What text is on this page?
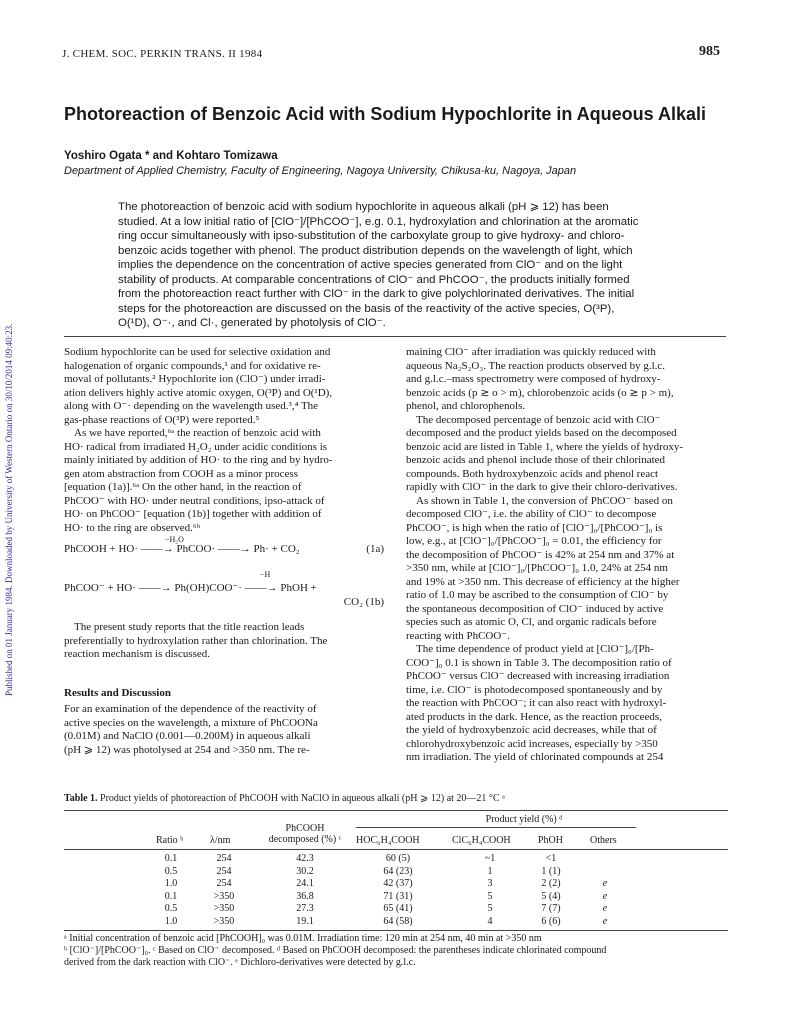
J. CHEM. SOC. PERKIN TRANS. II 1984	985
Published on 01 January 1984. Downloaded by University of Western Ontario on 30/10/2014 09:40:23.
Photoreaction of Benzoic Acid with Sodium Hypochlorite in Aqueous Alkali
Yoshiro Ogata * and Kohtaro Tomizawa
Department of Applied Chemistry, Faculty of Engineering, Nagoya University, Chikusa-ku, Nagoya, Japan
The photoreaction of benzoic acid with sodium hypochlorite in aqueous alkali (pH ⩾ 12) has been
studied. At a low initial ratio of [ClO⁻]/[PhCOO⁻], e.g. 0.1, hydroxylation and chlorination at the aromatic
ring occur simultaneously with ipso-substitution of the carboxylate group to give hydroxy- and chloro-
benzoic acids together with phenol. The product distribution depends on the wavelength of light, which
implies the dependence on the concentration of active species generated from ClO⁻ and on the light
stability of products. At comparable concentrations of ClO⁻ and PhCOO⁻, the products initially formed
from the photoreaction react further with ClO⁻ in the dark to give polychlorinated derivatives. The initial
steps for the photoreaction are discussed on the basis of the reactivity of the active species, O(³P),
O(¹D), O⁻·, and Cl·, generated by photolysis of ClO⁻.
Sodium hypochlorite can be used for selective oxidation and
halogenation of organic compounds,¹ and for oxidative re-
moval of pollutants.² Hypochlorite ion (ClO⁻) under irradi-
ation delivers highly active atomic oxygen, O(³P) and O(¹D),
along with O⁻· depending on the wavelength used.³,⁴ The
gas-phase reactions of O(³P) were reported.⁵
As we have reported,⁶ᵃ the reaction of benzoic acid with
HO· radical from irradiated H₂O₂ under acidic conditions is
mainly initiated by addition of HO· to the ring and by hydro-
gen atom abstraction from COOH as a minor process
[equation (1a)].⁶ᵃ On the other hand, in the reaction of
PhCOO⁻ with HO· under neutral conditions, ipso-attack of
HO· on PhCOO⁻ [equation (1b)] together with addition of
HO· to the ring are observed.⁶ᵇ
−H₂O
PhCOOH + HO· ——→ PhCOO· ——→ Ph· + CO₂	(1a)
−H
PhCOO⁻ + HO· ——→ Ph(OH)COO⁻· ——→ PhOH +
CO₂ (1b)
The present study reports that the title reaction leads
preferentially to hydroxylation rather than chlorination. The
reaction mechanism is discussed.
Results and Discussion
For an examination of the dependence of the reactivity of
active species on the wavelength, a mixture of PhCOONa
(0.01M) and NaClO (0.001—0.200M) in aqueous alkali
(pH ⩾ 12) was photolysed at 254 and >350 nm. The re-
maining ClO⁻ after irradiation was quickly reduced with
aqueous Na₂S₂O₃. The reaction products observed by g.l.c.
and g.l.c.–mass spectrometry were composed of hydroxy-
benzoic acids (p ≳ o > m), chlorobenzoic acids (o ≳ p > m),
phenol, and chlorophenols.
The decomposed percentage of benzoic acid with ClO⁻
decomposed and the product yields based on the decomposed
benzoic acid are listed in Table 1, where the yields of hydroxy-
benzoic acids and phenol include those of their chlorinated
compounds. Both hydroxybenzoic acids and phenol react
rapidly with ClO⁻ in the dark to give their chloro-derivatives.
As shown in Table 1, the conversion of PhCOO⁻ based on
decomposed ClO⁻, i.e. the ability of ClO⁻ to decompose
PhCOO⁻, is high when the ratio of [ClO⁻]₀/[PhCOO⁻]₀ is
low, e.g., at [ClO⁻]₀/[PhCOO⁻]₀ = 0.01, the efficiency for
the decomposition of PhCOO⁻ is 42% at 254 nm and 37% at
>350 nm, while at [ClO⁻]₀/[PhCOO⁻]₀ 1.0, 24% at 254 nm
and 19% at >350 nm. This decrease of efficiency at the higher
ratio of 1.0 may be ascribed to the consumption of ClO⁻ by
the spontaneous decomposition of ClO⁻ induced by active
species such as atomic O, Cl, and organic radicals before
reacting with PhCOO⁻.
The time dependence of product yield at [ClO⁻]₀/[Ph-
COO⁻]₀ 0.1 is shown in Table 3. The decomposition ratio of
PhCOO⁻ versus ClO⁻ decreased with increasing irradiation
time, i.e. ClO⁻ is photodecomposed spontaneously and by
the reaction with PhCOO⁻; it can also react with hydroxyl-
ated products in the dark. Hence, as the reaction proceeds,
the yield of hydroxybenzoic acid decreases, while that of
chlorohydroxybenzoic acid increases, especially by >350
nm irradiation. The yield of chlorinated compounds at 254
Table 1. Product yields of photoreaction of PhCOOH with NaClO in aqueous alkali (pH ⩾ 12) at 20—21 °C ᵃ
Product yield (%) ᵈ
Ratio ᵇ	λ/nm
PhCOOH decomposed (%) ᶜ	HOC₆H₄COOH	ClC₆H₄COOH	PhOH	Others
0.1	254	42.3	60 (5)	~1	<1
0.5	254	30.2	64 (23)	1	1 (1)
1.0	254	24.1	42 (37)	3	2 (2)	e
0.1	>350	36.8	71 (31)	5	5 (4)	e
0.5	>350	27.3	65 (41)	5	7 (7)	e
1.0	>350	19.1	64 (58)	4	6 (6)	e
ᵃ Initial concentration of benzoic acid [PhCOOH]₀ was 0.01M. Irradiation time: 120 min at 254 nm, 40 min at >350 nm
ᵇ [ClO⁻]/[PhCOO⁻]₀. ᶜ Based on ClO⁻ decomposed. ᵈ Based on PhCOOH decomposed: the parentheses indicate chlorinated compound
derived from the dark reaction with ClO⁻. ᵉ Dichloro-derivatives were detected by g.l.c.
